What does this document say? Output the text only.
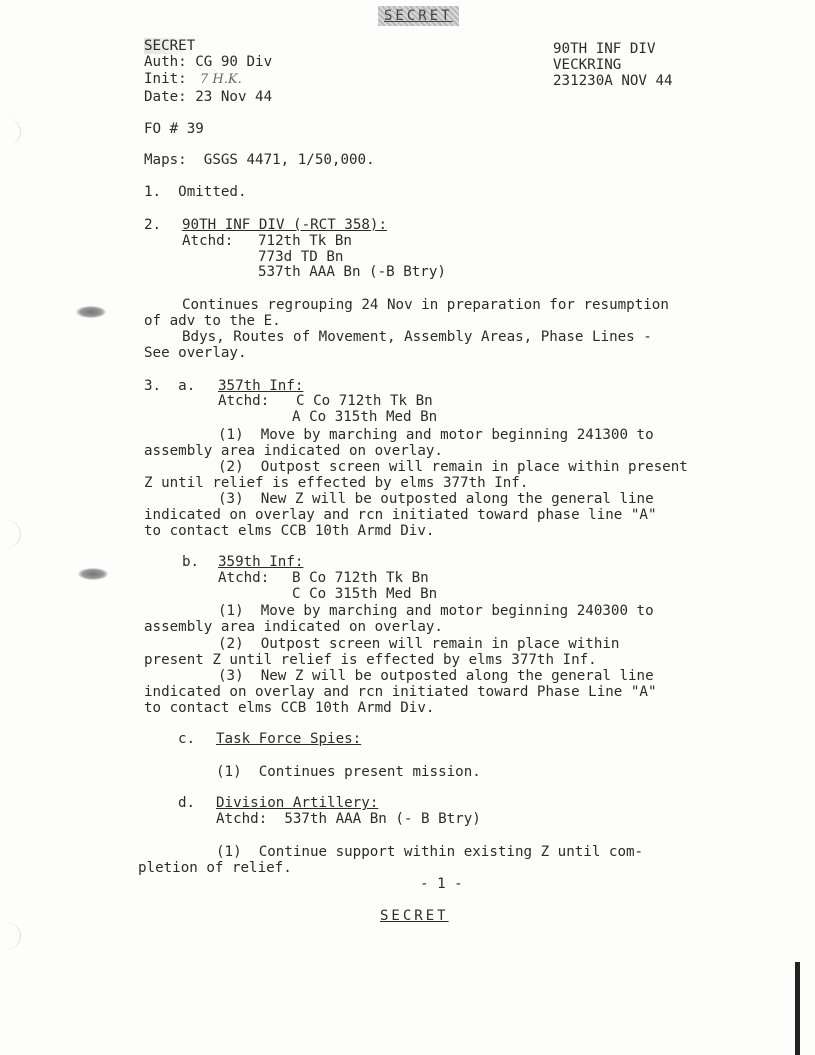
SECRET
SECRET
Auth: CG 90 Div
Init: 7 H.K.
Date: 23 Nov 44
90TH INF DIV
VECKRING
231230A NOV 44
FO # 39
Maps:  GSGS 4471, 1/50,000.
1.  Omitted.
2. 90TH INF DIV (-RCT 358):
Atchd: 712th Tk Bn
773d TD Bn
537th AAA Bn (-B Btry)
Continues regrouping 24 Nov in preparation for resumption
of adv to the E.
Bdys, Routes of Movement, Assembly Areas, Phase Lines -
See overlay.
3.  a. 357th Inf:
Atchd: C Co 712th Tk Bn
A Co 315th Med Bn
(1)  Move by marching and motor beginning 241300 to
assembly area indicated on overlay.
(2)  Outpost screen will remain in place within present
Z until relief is effected by elms 377th Inf.
(3)  New Z will be outposted along the general line
indicated on overlay and rcn initiated toward phase line "A"
to contact elms CCB 10th Armd Div.
b. 359th Inf:
Atchd: B Co 712th Tk Bn
C Co 315th Med Bn
(1)  Move by marching and motor beginning 240300 to
assembly area indicated on overlay.
(2)  Outpost screen will remain in place within
present Z until relief is effected by elms 377th Inf.
(3)  New Z will be outposted along the general line
indicated on overlay and rcn initiated toward Phase Line "A"
to contact elms CCB 10th Armd Div.
c. Task Force Spies:
(1)  Continues present mission.
d. Division Artillery:
Atchd:  537th AAA Bn (- B Btry)
(1)  Continue support within existing Z until com-
pletion of relief.
- 1 -
SECRET
